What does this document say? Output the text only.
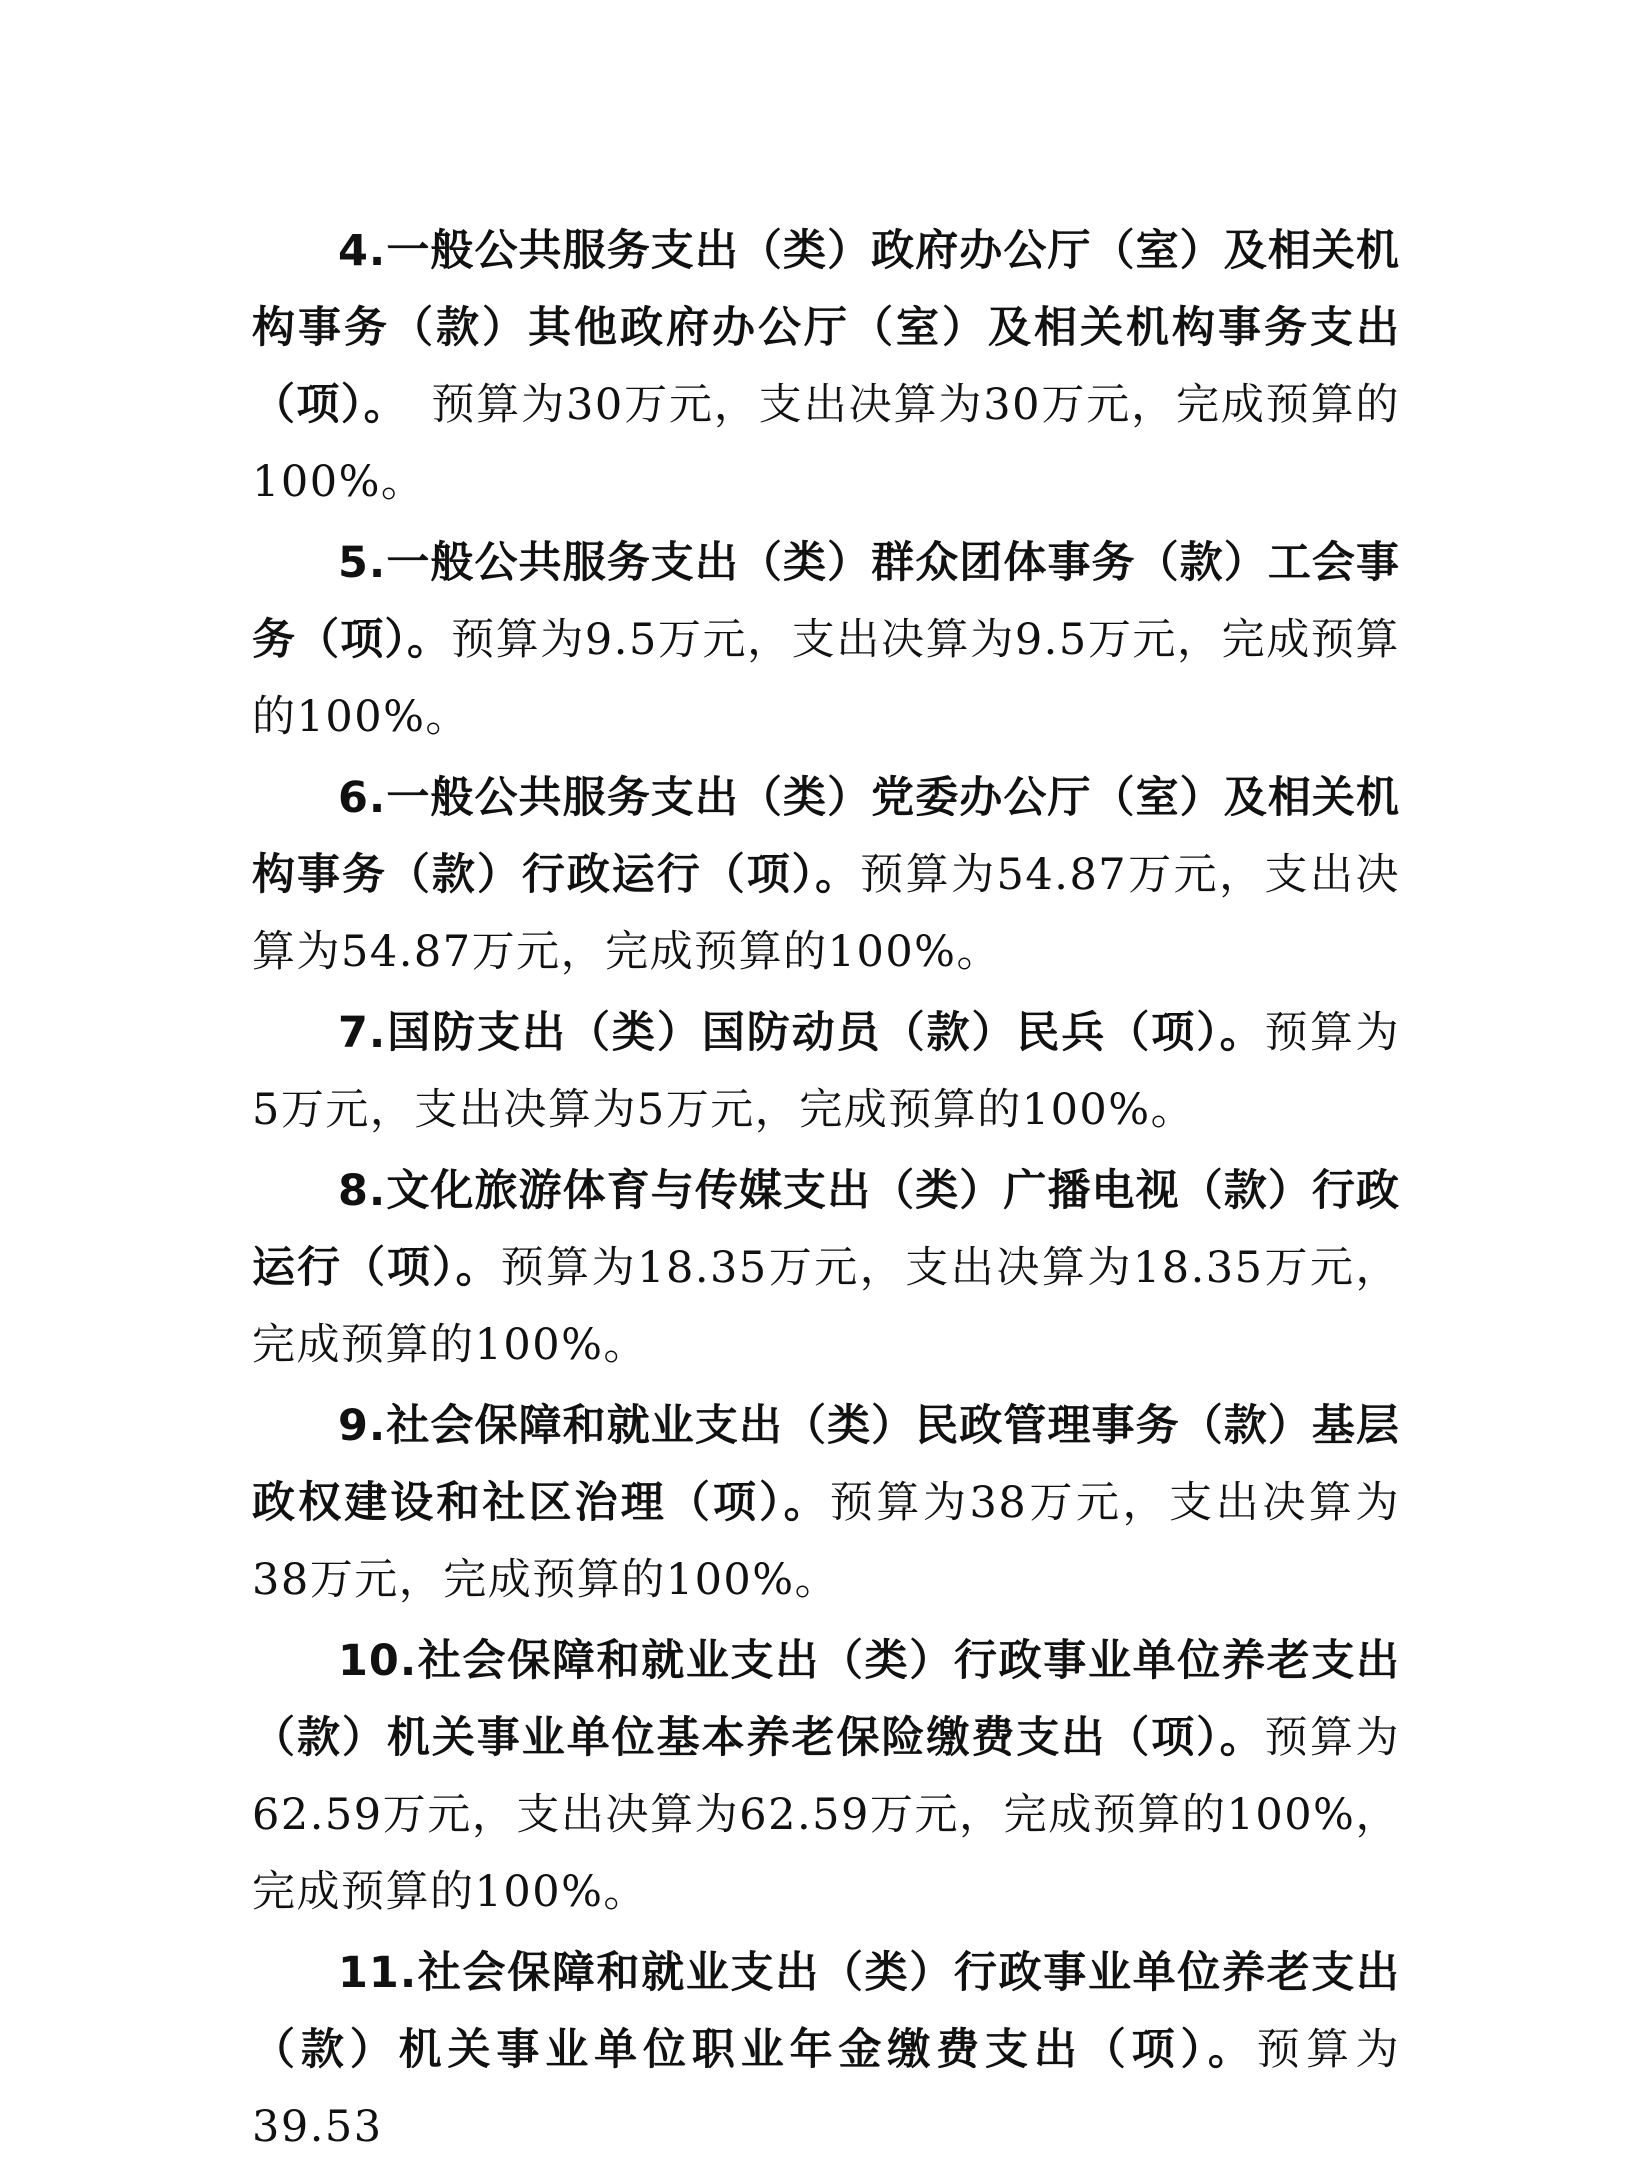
4.一般公共服务支出（类）政府办公厅（室）及相关机构事务（款）其他政府办公厅（室）及相关机构事务支出（项）。　预算为30万元，支出决算为30万元，完成预算的100%。

5.一般公共服务支出（类）群众团体事务（款）工会事务（项）。预算为9.5万元，支出决算为9.5万元，完成预算的100%。

6.一般公共服务支出（类）党委办公厅（室）及相关机构事务（款）行政运行（项）。预算为54.87万元，支出决算为54.87万元，完成预算的100%。

7.国防支出（类）国防动员（款）民兵（项）。预算为5万元，支出决算为5万元，完成预算的100%。

8.文化旅游体育与传媒支出（类）广播电视（款）行政运行（项）。预算为18.35万元，支出决算为18.35万元，完成预算的100%。

9.社会保障和就业支出（类）民政管理事务（款）基层政权建设和社区治理（项）。预算为38万元，支出决算为38万元，完成预算的100%。

10.社会保障和就业支出（类）行政事业单位养老支出（款）机关事业单位基本养老保险缴费支出（项）。预算为62.59万元，支出决算为62.59万元，完成预算的100%，完成预算的100%。

11.社会保障和就业支出（类）行政事业单位养老支出（款）机关事业单位职业年金缴费支出（项）。预算为39.53
